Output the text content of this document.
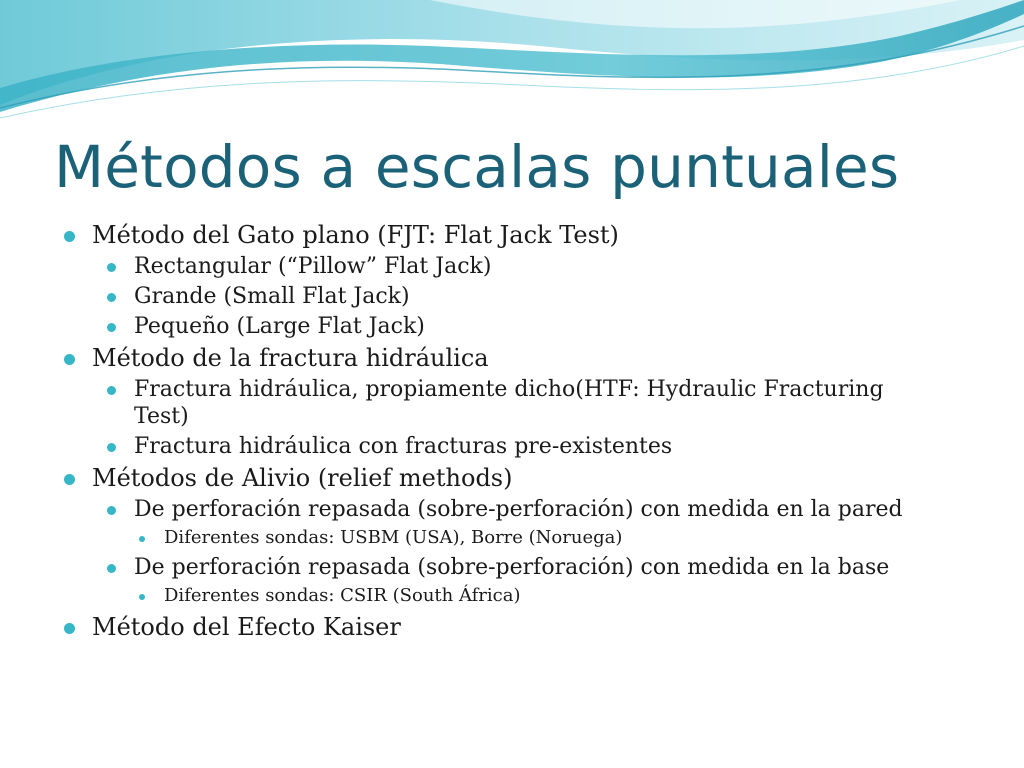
Métodos a escalas puntuales

Método del Gato plano (FJT: Flat Jack Test)

Rectangular (“Pillow” Flat Jack)

Grande (Small Flat Jack)

Pequeño (Large Flat Jack)

Método de la fractura hidráulica

Fractura hidráulica, propiamente dicho(HTF: Hydraulic Fracturing Test)

Fractura hidráulica con fracturas pre-existentes

Métodos de Alivio (relief methods)

De perforación repasada (sobre-perforación) con medida en la pared

Diferentes sondas: USBM (USA), Borre (Noruega)

De perforación repasada (sobre-perforación) con medida en la base

Diferentes sondas: CSIR (South África)

Método del Efecto Kaiser
